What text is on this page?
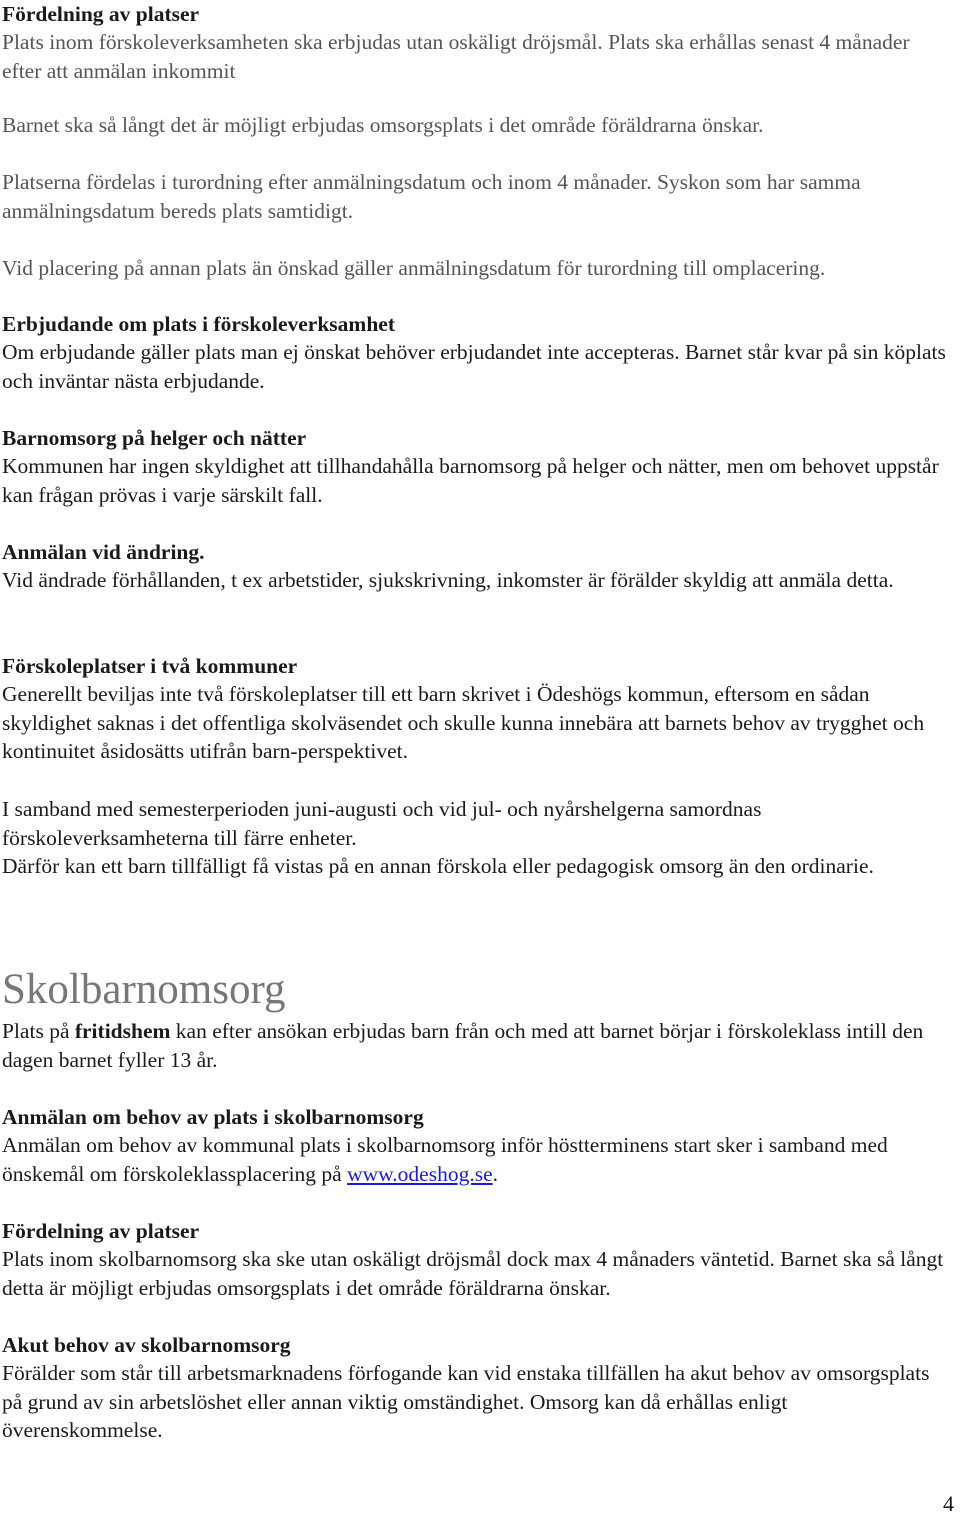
Fördelning av platser

Plats inom förskoleverksamheten ska erbjudas utan oskäligt dröjsmål. Plats ska erhållas senast 4 månader efter att anmälan inkommit

Barnet ska så långt det är möjligt erbjudas omsorgsplats i det område föräldrarna önskar.

Platserna fördelas i turordning efter anmälningsdatum och inom 4 månader. Syskon som har samma anmälningsdatum bereds plats samtidigt.

Vid placering på annan plats än önskad gäller anmälningsdatum för turordning till omplacering.

Erbjudande om plats i förskoleverksamhet

Om erbjudande gäller plats man ej önskat behöver erbjudandet inte accepteras. Barnet står kvar på sin köplats och inväntar nästa erbjudande.

Barnomsorg på helger och nätter

Kommunen har ingen skyldighet att tillhandahålla barnomsorg på helger och nätter, men om behovet uppstår kan frågan prövas i varje särskilt fall.

Anmälan vid ändring.

Vid ändrade förhållanden, t ex arbetstider, sjukskrivning, inkomster är förälder skyldig att anmäla detta.

Förskoleplatser i två kommuner

Generellt beviljas inte två förskoleplatser till ett barn skrivet i Ödeshögs kommun, eftersom en sådan skyldighet saknas i det offentliga skolväsendet och skulle kunna innebära att barnets behov av trygghet och kontinuitet åsidosätts utifrån barn-perspektivet.

I samband med semesterperioden juni-augusti och vid jul- och nyårshelgerna samordnas förskoleverksamheterna till färre enheter.

Därför kan ett barn tillfälligt få vistas på en annan förskola eller pedagogisk omsorg än den ordinarie.

Skolbarnomsorg

Plats på fritidshem kan efter ansökan erbjudas barn från och med att barnet börjar i förskoleklass intill den dagen barnet fyller 13 år.

Anmälan om behov av plats i skolbarnomsorg

Anmälan om behov av kommunal plats i skolbarnomsorg inför höstterminens start sker i samband med önskemål om förskoleklassplacering på www.odeshog.se.

Fördelning av platser

Plats inom skolbarnomsorg ska ske utan oskäligt dröjsmål dock max 4 månaders väntetid. Barnet ska så långt detta är möjligt erbjudas omsorgsplats i det område föräldrarna önskar.

Akut behov av skolbarnomsorg

Förälder som står till arbetsmarknadens förfogande kan vid enstaka tillfällen ha akut behov av omsorgsplats på grund av sin arbetslöshet eller annan viktig omständighet. Omsorg kan då erhållas enligt överenskommelse.

4
